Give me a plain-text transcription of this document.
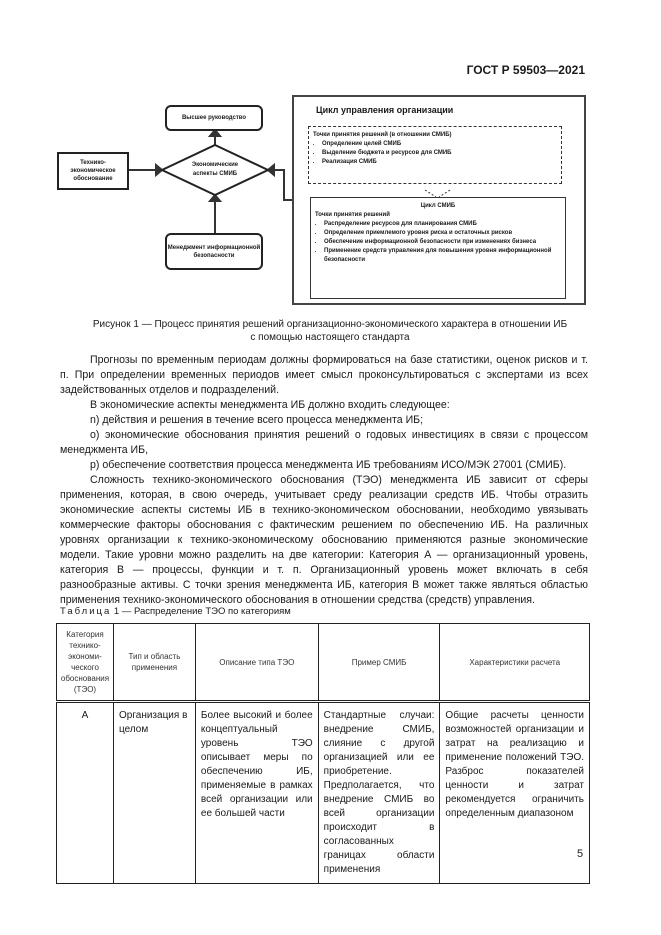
ГОСТ Р 59503—2021
Высшее руководство
Технико-экономическое обоснование
Экономические аспекты СМИБ
Менеджмент информационной безопасности
Цикл управления организации
Точки принятия решений (в отношении СМИБ)
• Определение целей СМИБ
• Выделение бюджета и ресурсов для СМИБ
• Реализация СМИБ
Цикл СМИБ
Точки принятия решений
• Распределение ресурсов для планирования СМИБ
• Определение приемлемого уровня риска и остаточных рисков
• Обеспечение информационной безопасности при изменениях бизнеса
• Применение средств управления для повышения уровня информационной безопасности
Рисунок 1 — Процесс принятия решений организационно-экономического характера в отношении ИБ
с помощью настоящего стандарта

Прогнозы по временным периодам должны формироваться на базе статистики, оценок рисков и т. п. При определении временных периодов имеет смысл проконсультироваться с экспертами из всех задействованных отделов и подразделений.

В экономические аспекты менеджмента ИБ должно входить следующее:

n) действия и решения в течение всего процесса менеджмента ИБ;

o) экономические обоснования принятия решений о годовых инвестициях в связи с процессом менеджмента ИБ,

p) обеспечение соответствия процесса менеджмента ИБ требованиям ИСО/МЭК 27001 (СМИБ).

Сложность технико-экономического обоснования (ТЭО) менеджмента ИБ зависит от сферы применения, которая, в свою очередь, учитывает среду реализации средств ИБ. Чтобы отразить экономические аспекты системы ИБ в технико-экономическом обосновании, необходимо увязывать коммерческие факторы обоснования с фактическим решением по обеспечению ИБ. На различных уровнях организации к технико-экономическому обоснованию применяются разные экономические модели. Такие уровни можно разделить на две категории: Категория А — организационный уровень, категория В — процессы, функции и т. п. Организационный уровень может включать в себя разнообразные активы. С точки зрения менеджмента ИБ, категория В может также являться областью применения технико-экономического обоснования в отношении средства (средств) управления.

Таблица 1 — Распределение ТЭО по категориям
Категория технико-экономи-ческого обоснования (ТЭО)	Тип и область применения	Описание типа ТЭО	Пример СМИБ	Характеристики расчета
А	Организация в целом	Более высокий и более концептуальный уровень ТЭО описывает меры по обеспечению ИБ, применяемые в рамках всей организации или ее большей части	Стандартные случаи: внедрение СМИБ, слияние с другой организацией или ее приобретение. Предполагается, что внедрение СМИБ во всей организации происходит в согласованных границах области применения	Общие расчеты ценности возможностей организации и затрат на реализацию и применение положений ТЭО. Разброс показателей ценности и затрат рекомендуется ограничить определенным диапазоном
5
